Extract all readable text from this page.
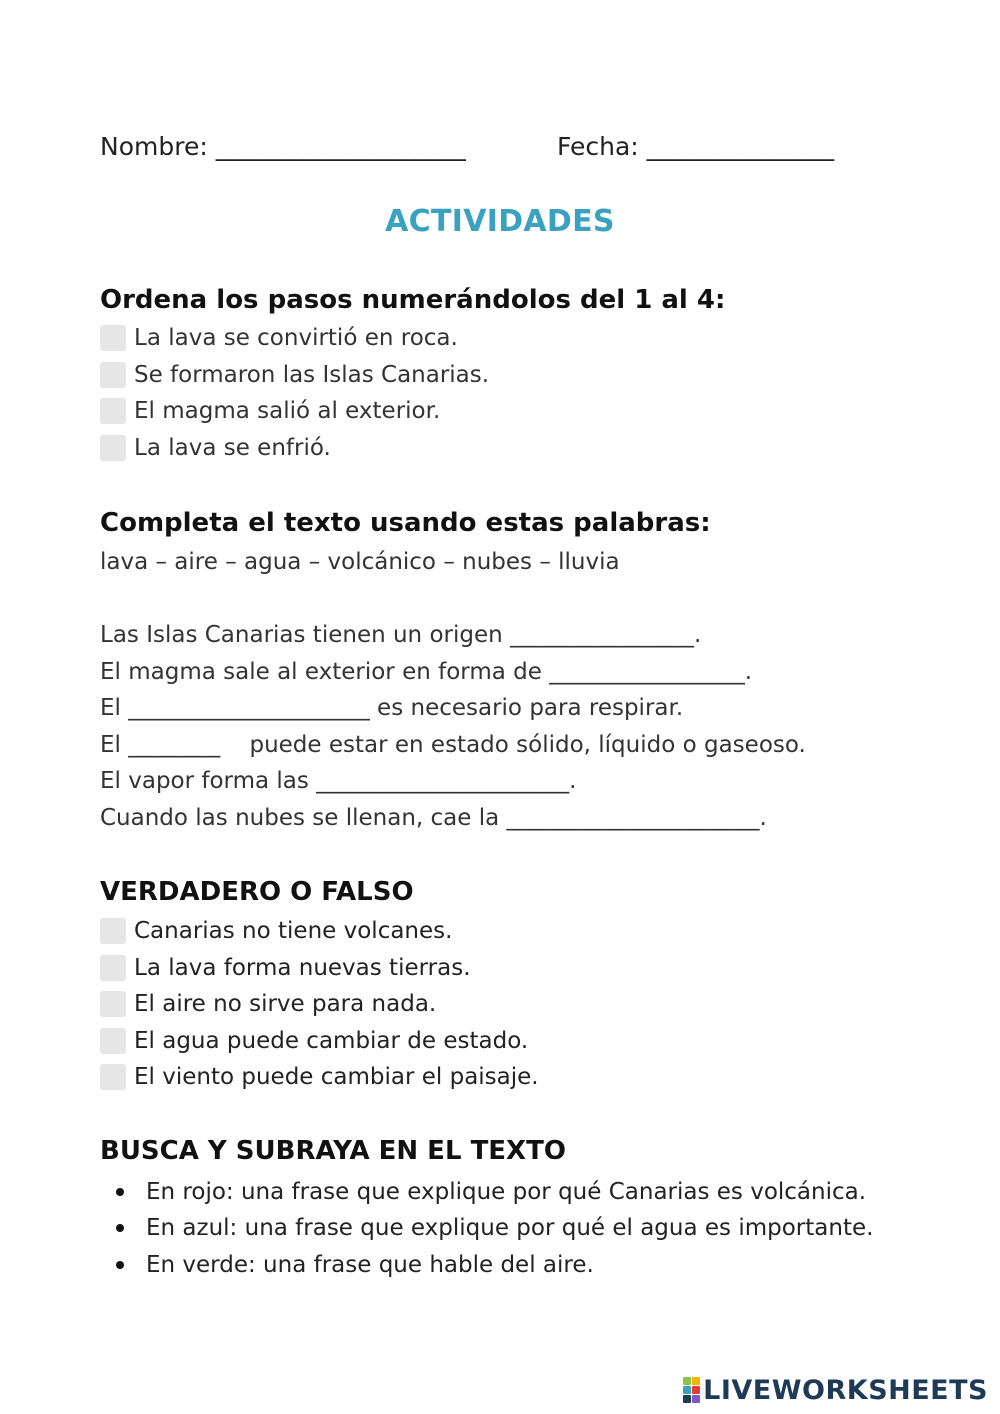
Nombre: ____________________	Fecha: _______________
ACTIVIDADES
Ordena los pasos numerándolos del 1 al 4:
La lava se convirtió en roca.
Se formaron las Islas Canarias.
El magma salió al exterior.
La lava se enfrió.
Completa el texto usando estas palabras:
lava – aire – agua – volcánico – nubes – lluvia
Las Islas Canarias tienen un origen ________________.
El magma sale al exterior en forma de _________________.
El _____________________ es necesario para respirar.
El ________    puede estar en estado sólido, líquido o gaseoso.
El vapor forma las ______________________.
Cuando las nubes se llenan, cae la ______________________.
VERDADERO O FALSO
Canarias no tiene volcanes.
La lava forma nuevas tierras.
El aire no sirve para nada.
El agua puede cambiar de estado.
El viento puede cambiar el paisaje.
BUSCA Y SUBRAYA EN EL TEXTO
En rojo: una frase que explique por qué Canarias es volcánica.
En azul: una frase que explique por qué el agua es importante.
En verde: una frase que hable del aire.
LIVEWORKSHEETS
